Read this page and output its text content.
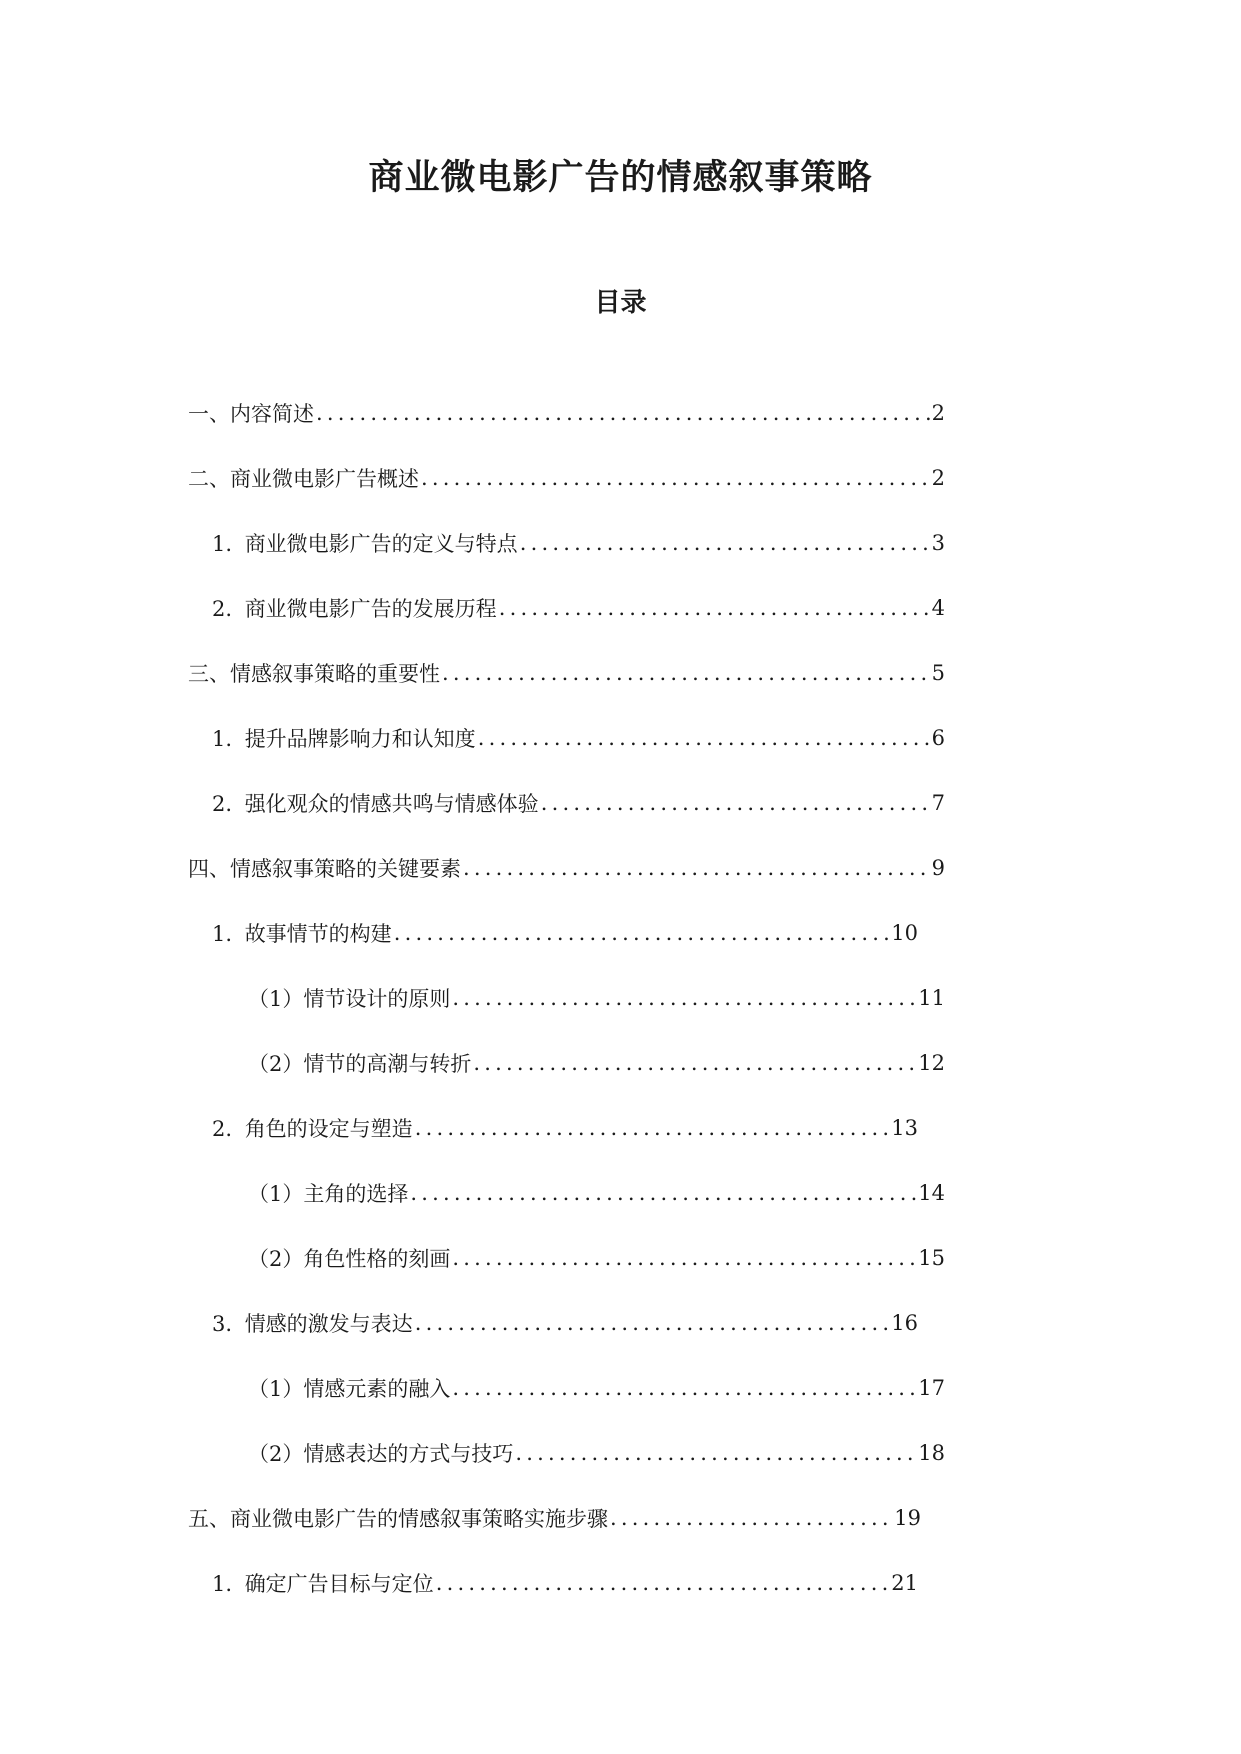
商业微电影广告的情感叙事策略
目录
一、内容简述 .....	2
二、商业微电影广告概述 .....	2
1. 商业微电影广告的定义与特点 .....	3
2. 商业微电影广告的发展历程 .....	4
三、情感叙事策略的重要性 .....	5
1. 提升品牌影响力和认知度 .....	6
2. 强化观众的情感共鸣与情感体验 .....	7
四、情感叙事策略的关键要素 .....	9
1. 故事情节的构建 .....	10
（1）情节设计的原则 .....	11
（2）情节的高潮与转折 .....	12
2. 角色的设定与塑造 .....	13
（1）主角的选择 .....	14
（2）角色性格的刻画 .....	15
3. 情感的激发与表达 .....	16
（1）情感元素的融入 .....	17
（2）情感表达的方式与技巧 .....	18
五、商业微电影广告的情感叙事策略实施步骤 .....	19
1. 确定广告目标与定位 .....	21
